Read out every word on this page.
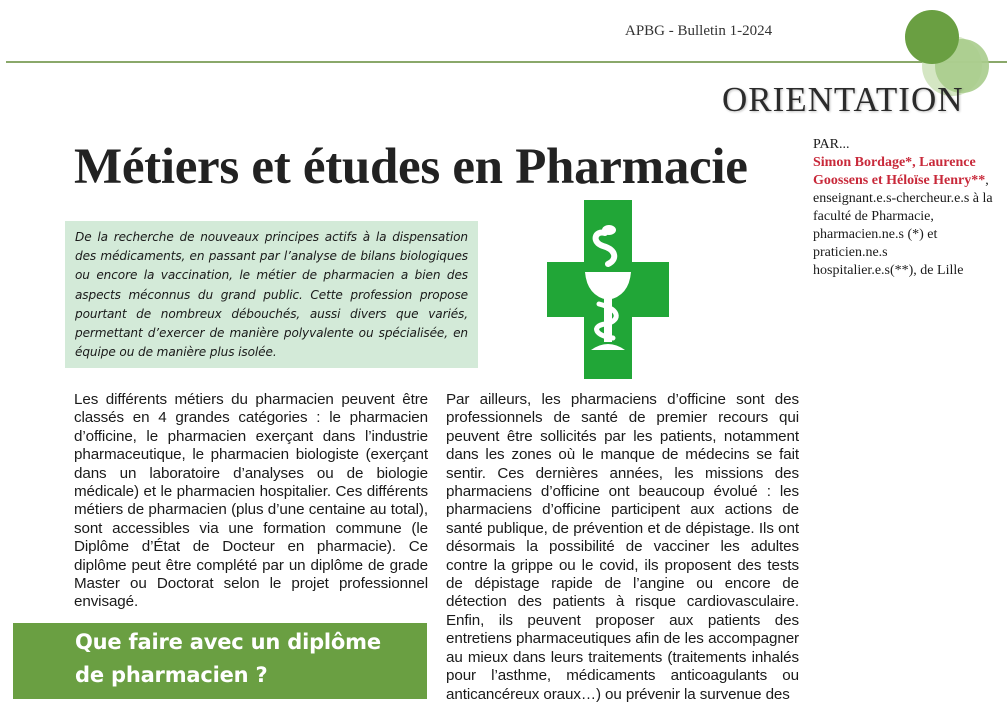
APBG - Bulletin 1-2024
ORIENTATION
Métiers et études en Pharmacie	PAR...
Simon Bordage*, Laurence Goossens et Héloïse Henry**, enseignant.e.s-chercheur.e.s à la faculté de Pharmacie, pharmacien.ne.s (*) et praticien.ne.s hospitalier.e.s(**), de Lille

De la recherche de nouveaux principes actifs à la dispensation des médicaments, en passant par l’analyse de bilans biologiques ou encore la vaccination, le métier de pharmacien a bien des aspects méconnus du grand public. Cette profession propose pourtant de nombreux débouchés, aussi divers que variés, permettant d’exercer de manière polyvalente ou spécialisée, en équipe ou de manière plus isolée.

Les différents métiers du pharmacien peuvent être classés en 4 grandes catégories : le pharmacien d’officine, le pharmacien exerçant dans l’industrie pharmaceutique, le pharmacien biologiste (exerçant dans un laboratoire d’analyses ou de biologie médicale) et le pharmacien hospitalier. Ces différents métiers de pharmacien (plus d’une centaine au total), sont accessibles via une formation commune (le Diplôme d’État de Docteur en pharmacie). Ce diplôme peut être complété par un diplôme de grade Master ou Doctorat selon le projet professionnel envisagé.

Par ailleurs, les pharmaciens d’officine sont des professionnels de santé de premier recours qui peuvent être sollicités par les patients, notamment dans les zones où le manque de médecins se fait sentir. Ces dernières années, les missions des pharmaciens d’officine ont beaucoup évolué : les pharmaciens d’officine participent aux actions de santé publique, de prévention et de dépistage. Ils ont désormais la possibilité de vacciner les adultes contre la grippe ou le covid, ils proposent des tests de dépistage rapide de l’angine ou encore de détection des patients à risque cardiovasculaire. Enfin, ils peuvent proposer aux patients des entretiens pharmaceutiques afin de les accompagner au mieux dans leurs traitements (traitements inhalés pour l’asthme, médicaments anticoagulants ou anticancéreux oraux…) ou prévenir la survenue des

Que faire avec un diplôme de pharmacien ?
